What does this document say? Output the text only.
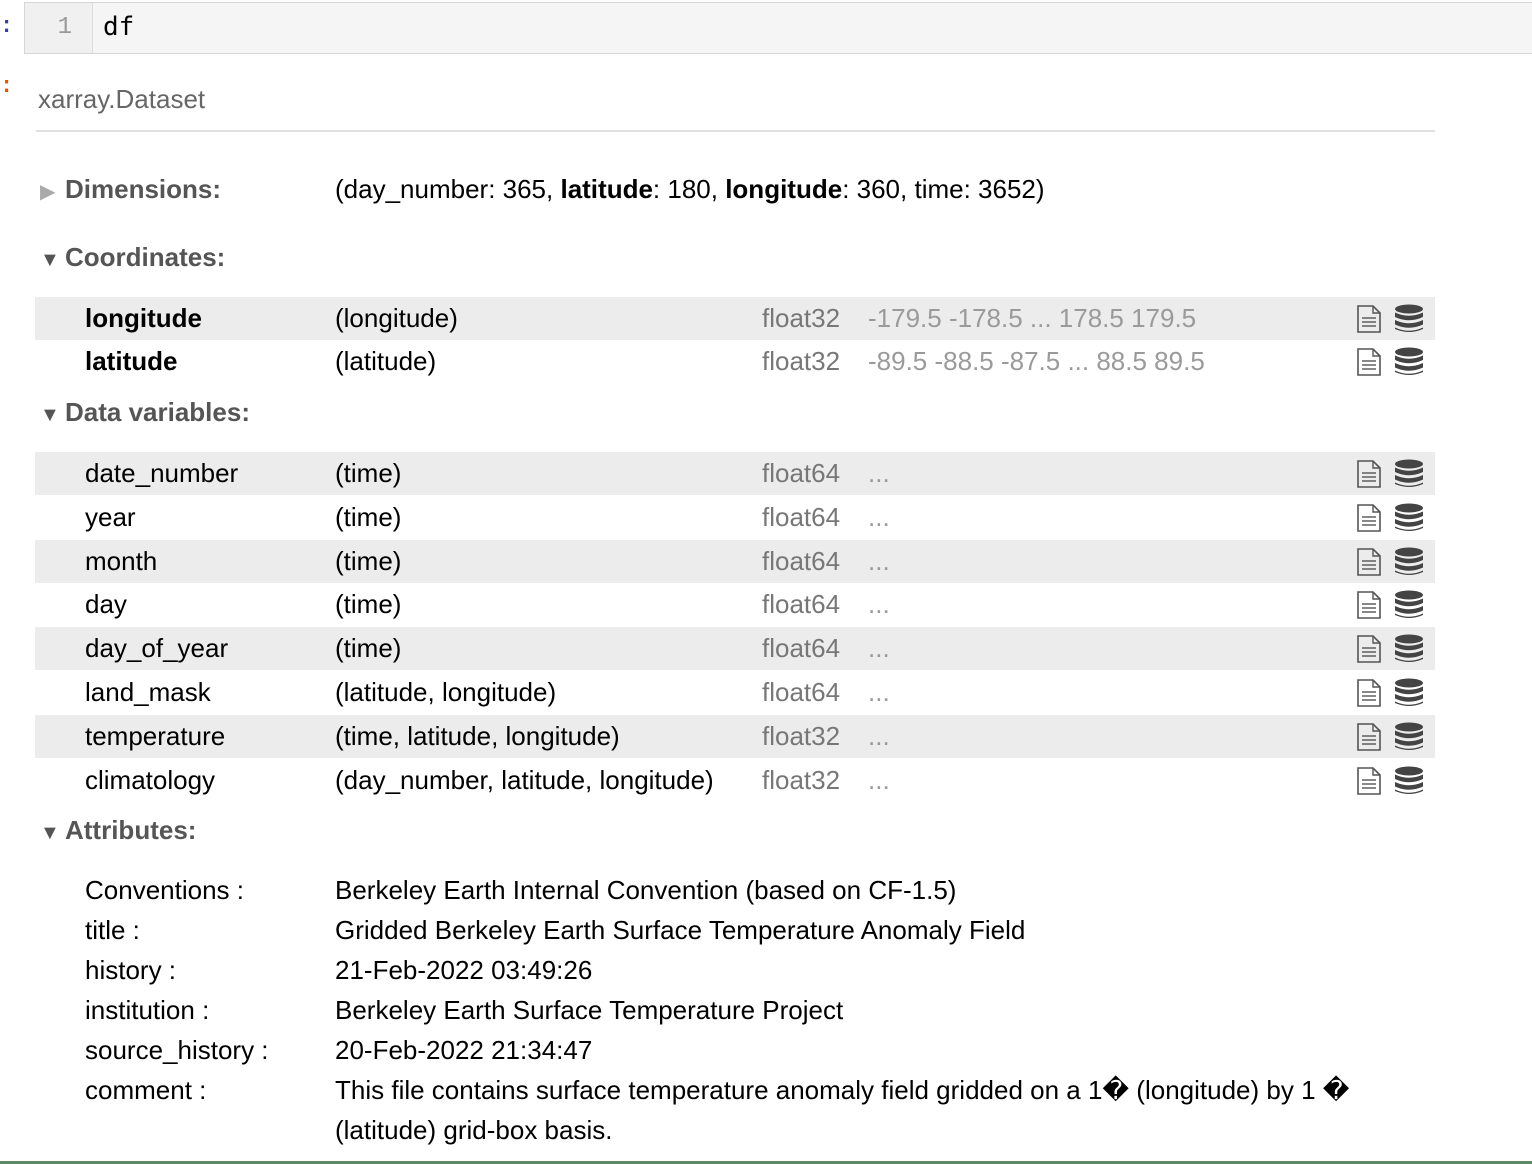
: 1 df
: xarray.Dataset
▶ Dimensions:	(day_number: 365, latitude: 180, longitude: 360, time: 3652)
▼ Coordinates:
longitude	(longitude)	float32 -179.5 -178.5 ... 178.5 179.5
latitude	(latitude)	float32 -89.5 -88.5 -87.5 ... 88.5 89.5
▼ Data variables:
date_number	(time)	float64 ...
year	(time)	float64 ...
month	(time)	float64 ...
day	(time)	float64 ...
day_of_year	(time)	float64 ...
land_mask	(latitude, longitude)	float64 ...
temperature	(time, latitude, longitude)	float32 ...
climatology	(day_number, latitude, longitude) float32 ...
▼ Attributes:
Conventions :	Berkeley Earth Internal Convention (based on CF-1.5)
title :	Gridded Berkeley Earth Surface Temperature Anomaly Field
history :	21-Feb-2022 03:49:26
institution :	Berkeley Earth Surface Temperature Project
source_history :	20-Feb-2022 21:34:47
comment :	This file contains surface temperature anomaly field gridded on a 1� (longitude) by 1 � (latitude) grid-box basis.
